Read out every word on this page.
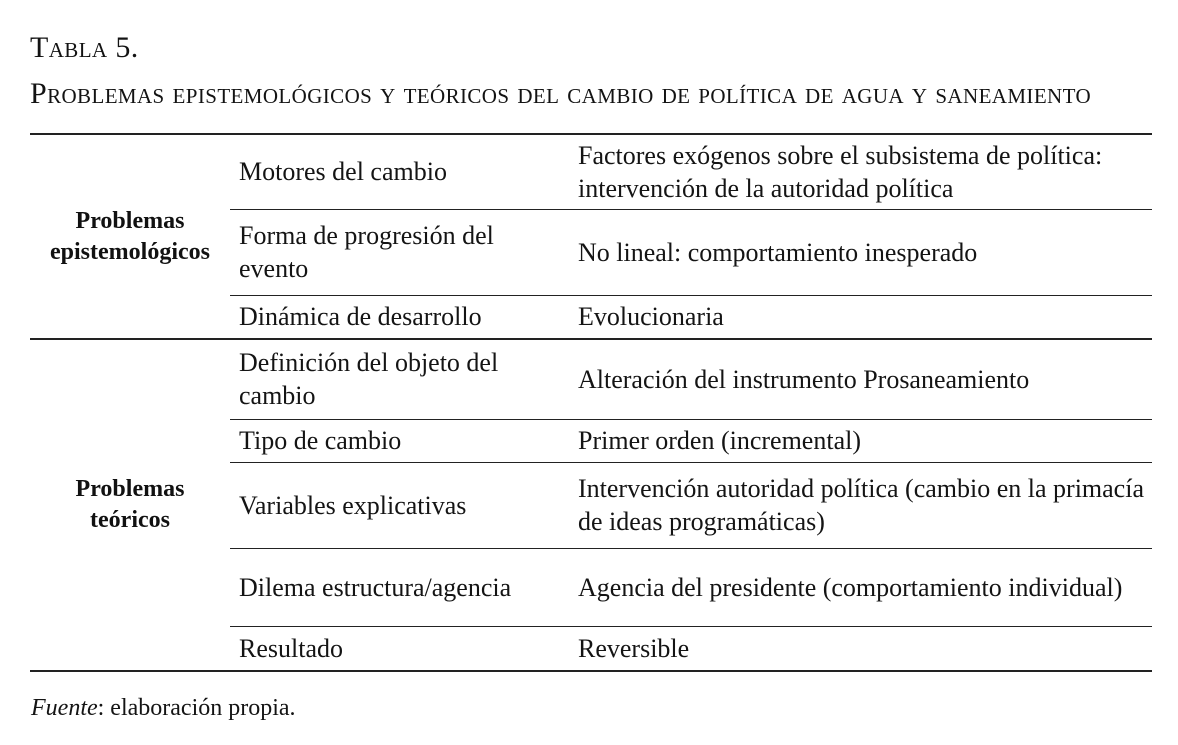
Tabla 5.
Problemas epistemológicos y teóricos del cambio de política de agua y saneamiento
Problemas epistemológicos	Motores del cambio	Factores exógenos sobre el subsistema de política: intervención de la autoridad política
	Forma de progresión del evento	No lineal: comportamiento inesperado
	Dinámica de desarrollo	Evolucionaria
Problemas teóricos	Definición del objeto del cambio	Alteración del instrumento Prosaneamiento
	Tipo de cambio	Primer orden (incremental)
	Variables explicativas	Intervención autoridad política (cambio en la primacía de ideas programáticas)
	Dilema estructura/agencia	Agencia del presidente (comportamiento individual)
	Resultado	Reversible

Fuente: elaboración propia.
